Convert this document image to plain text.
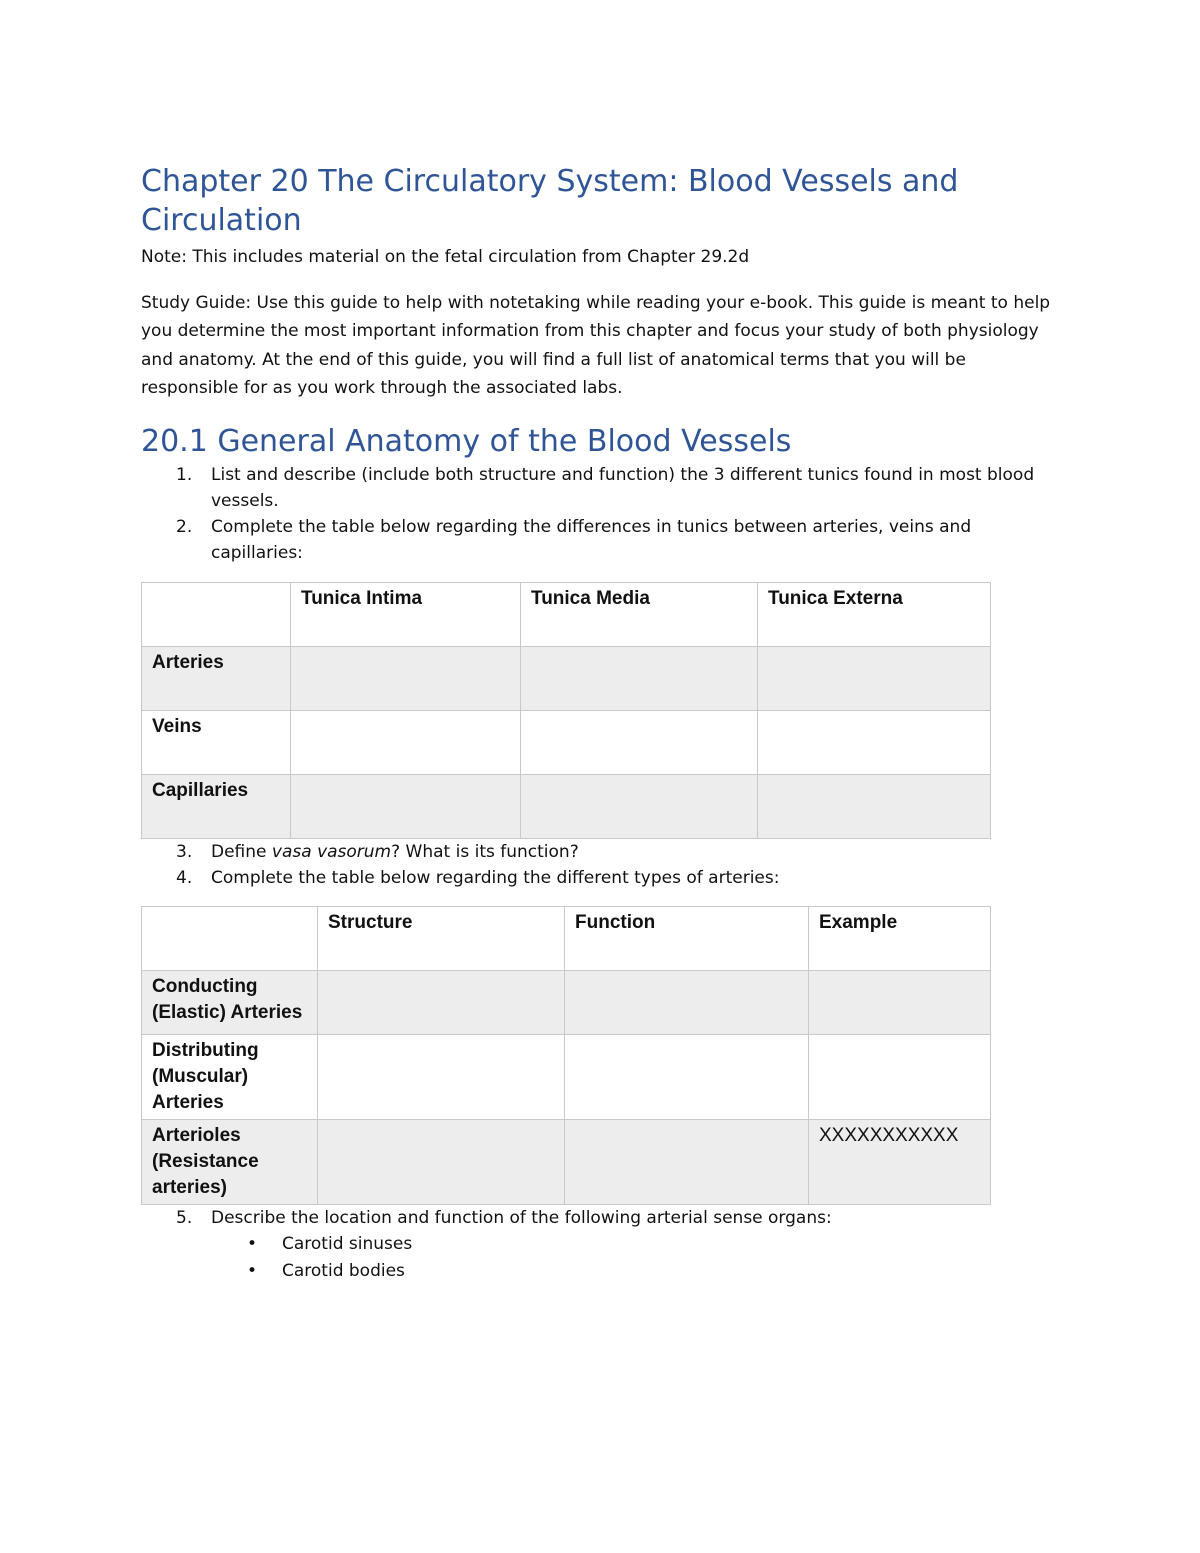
Chapter 20 The Circulatory System: Blood Vessels and Circulation

Note: This includes material on the fetal circulation from Chapter 29.2d

Study Guide: Use this guide to help with notetaking while reading your e-book. This guide is meant to help you determine the most important information from this chapter and focus your study of both physiology and anatomy. At the end of this guide, you will find a full list of anatomical terms that you will be responsible for as you work through the associated labs.

20.1 General Anatomy of the Blood Vessels
1. List and describe (include both structure and function) the 3 different tunics found in most blood vessels.
2. Complete the table below regarding the differences in tunics between arteries, veins and capillaries:
	Tunica Intima	Tunica Media	Tunica Externa
Arteries			
Veins			
Capillaries			
3. Define vasa vasorum? What is its function?
4. Complete the table below regarding the different types of arteries:
	Structure	Function	Example
Conducting (Elastic) Arteries			
Distributing (Muscular) Arteries			
Arterioles (Resistance arteries)			XXXXXXXXXXX
5. Describe the location and function of the following arterial sense organs:
• Carotid sinuses
• Carotid bodies
